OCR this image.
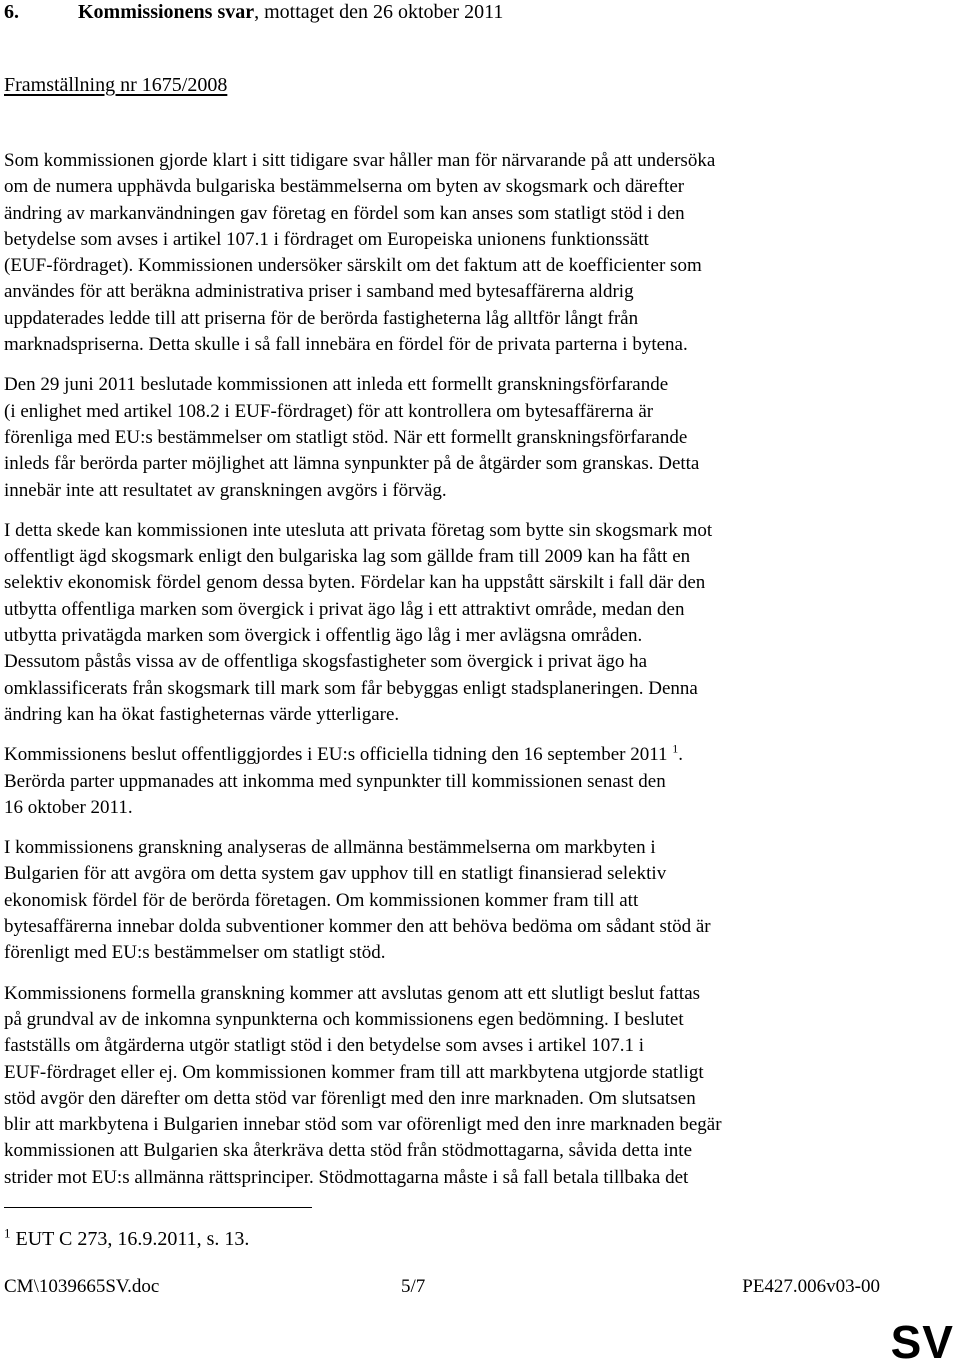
6.	Kommissionens svar, mottaget den 26 oktober 2011
Framställning nr 1675/2008

Som kommissionen gjorde klart i sitt tidigare svar håller man för närvarande på att undersöka
om de numera upphävda bulgariska bestämmelserna om byten av skogsmark och därefter
ändring av markanvändningen gav företag en fördel som kan anses som statligt stöd i den
betydelse som avses i artikel 107.1 i fördraget om Europeiska unionens funktionssätt
(EUF-fördraget). Kommissionen undersöker särskilt om det faktum att de koefficienter som
användes för att beräkna administrativa priser i samband med bytesaffärerna aldrig
uppdaterades ledde till att priserna för de berörda fastigheterna låg alltför långt från
marknadspriserna. Detta skulle i så fall innebära en fördel för de privata parterna i bytena.

Den 29 juni 2011 beslutade kommissionen att inleda ett formellt granskningsförfarande
(i enlighet med artikel 108.2 i EUF-fördraget) för att kontrollera om bytesaffärerna är
förenliga med EU:s bestämmelser om statligt stöd. När ett formellt granskningsförfarande
inleds får berörda parter möjlighet att lämna synpunkter på de åtgärder som granskas. Detta
innebär inte att resultatet av granskningen avgörs i förväg.

I detta skede kan kommissionen inte utesluta att privata företag som bytte sin skogsmark mot
offentligt ägd skogsmark enligt den bulgariska lag som gällde fram till 2009 kan ha fått en
selektiv ekonomisk fördel genom dessa byten. Fördelar kan ha uppstått särskilt i fall där den
utbytta offentliga marken som övergick i privat ägo låg i ett attraktivt område, medan den
utbytta privatägda marken som övergick i offentlig ägo låg i mer avlägsna områden.
Dessutom påstås vissa av de offentliga skogsfastigheter som övergick i privat ägo ha
omklassificerats från skogsmark till mark som får bebyggas enligt stadsplaneringen. Denna
ändring kan ha ökat fastigheternas värde ytterligare.

Kommissionens beslut offentliggjordes i EU:s officiella tidning den 16 september 2011 $^1$.
Berörda parter uppmanades att inkomma med synpunkter till kommissionen senast den
16 oktober 2011.

I kommissionens granskning analyseras de allmänna bestämmelserna om markbyten i
Bulgarien för att avgöra om detta system gav upphov till en statligt finansierad selektiv
ekonomisk fördel för de berörda företagen. Om kommissionen kommer fram till att
bytesaffärerna innebar dolda subventioner kommer den att behöva bedöma om sådant stöd är
förenligt med EU:s bestämmelser om statligt stöd.

Kommissionens formella granskning kommer att avslutas genom att ett slutligt beslut fattas
på grundval av de inkomna synpunkterna och kommissionens egen bedömning. I beslutet
fastställs om åtgärderna utgör statligt stöd i den betydelse som avses i artikel 107.1 i
EUF-fördraget eller ej. Om kommissionen kommer fram till att markbytena utgjorde statligt
stöd avgör den därefter om detta stöd var förenligt med den inre marknaden. Om slutsatsen
blir att markbytena i Bulgarien innebar stöd som var oförenligt med den inre marknaden begär
kommissionen att Bulgarien ska återkräva detta stöd från stödmottagarna, såvida detta inte
strider mot EU:s allmänna rättsprinciper. Stödmottagarna måste i så fall betala tillbaka det

$^1$ EUT C 273, 16.9.2011, s. 13.
CM\1039665SV.doc	5/7	PE427.006v03-00
SV
